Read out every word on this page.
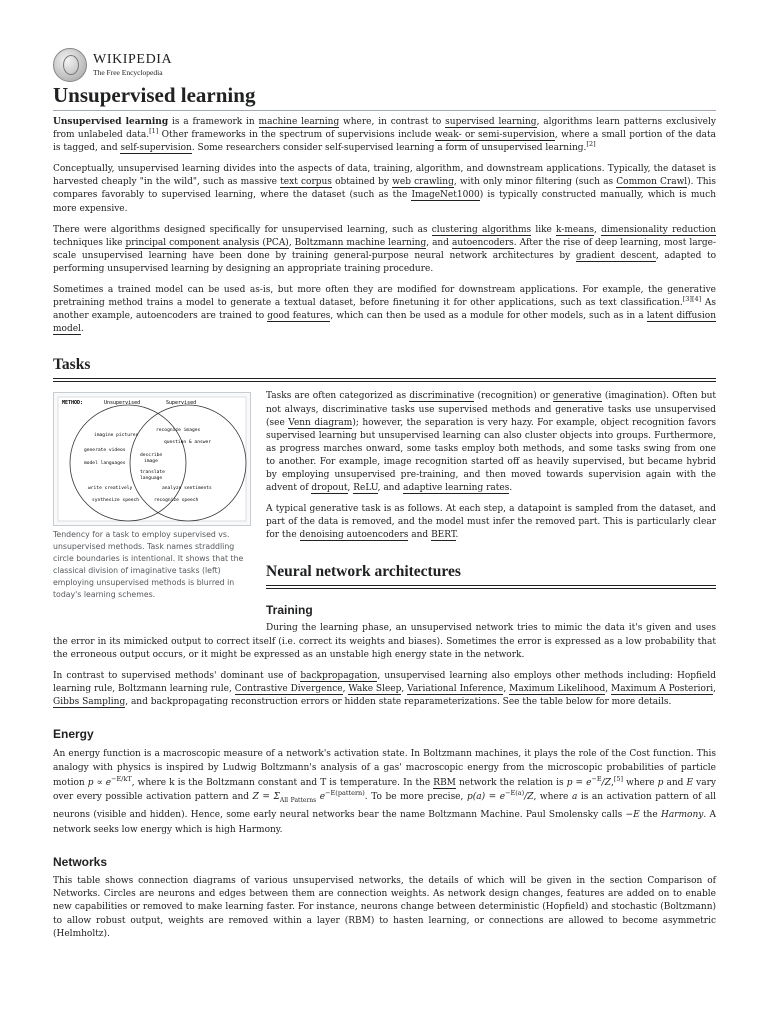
WIKIPEDIA
The Free Encyclopedia
Unsupervised learning

Unsupervised learning is a framework in machine learning where, in contrast to supervised learning, algorithms learn patterns exclusively from unlabeled data.[1] Other frameworks in the spectrum of supervisions include weak- or semi-supervision, where a small portion of the data is tagged, and self-supervision. Some researchers consider self-supervised learning a form of unsupervised learning.[2]

Conceptually, unsupervised learning divides into the aspects of data, training, algorithm, and downstream applications. Typically, the dataset is harvested cheaply "in the wild", such as massive text corpus obtained by web crawling, with only minor filtering (such as Common Crawl). This compares favorably to supervised learning, where the dataset (such as the ImageNet1000) is typically constructed manually, which is much more expensive.

There were algorithms designed specifically for unsupervised learning, such as clustering algorithms like k-means, dimensionality reduction techniques like principal component analysis (PCA), Boltzmann machine learning, and autoencoders. After the rise of deep learning, most large-scale unsupervised learning have been done by training general-purpose neural network architectures by gradient descent, adapted to performing unsupervised learning by designing an appropriate training procedure.

Sometimes a trained model can be used as-is, but more often they are modified for downstream applications. For example, the generative pretraining method trains a model to generate a textual dataset, before finetuning it for other applications, such as text classification.[3][4] As another example, autoencoders are trained to good features, which can then be used as a module for other models, such as in a latent diffusion model.

Tasks
METHOD:	Unsupervised	Supervised
recognize images
imagine pictures
question & answer
generate videos
describe
image
model languages
translate
language
write creatively	analyze sentiments
synthesize speech	recognize speech
Tendency for a task to employ supervised vs. unsupervised methods. Task names straddling circle boundaries is intentional. It shows that the classical division of imaginative tasks (left) employing unsupervised methods is blurred in today's learning schemes.

Tasks are often categorized as discriminative (recognition) or generative (imagination). Often but not always, discriminative tasks use supervised methods and generative tasks use unsupervised (see Venn diagram); however, the separation is very hazy. For example, object recognition favors supervised learning but unsupervised learning can also cluster objects into groups. Furthermore, as progress marches onward, some tasks employ both methods, and some tasks swing from one to another. For example, image recognition started off as heavily supervised, but became hybrid by employing unsupervised pre-training, and then moved towards supervision again with the advent of dropout, ReLU, and adaptive learning rates.

A typical generative task is as follows. At each step, a datapoint is sampled from the dataset, and part of the data is removed, and the model must infer the removed part. This is particularly clear for the denoising autoencoders and BERT.

Neural network architectures
Training

During the learning phase, an unsupervised network tries to mimic the data it's given and uses the error in its mimicked output to correct itself (i.e. correct its weights and biases). Sometimes the error is expressed as a low probability that the erroneous output occurs, or it might be expressed as an unstable high energy state in the network.

In contrast to supervised methods' dominant use of backpropagation, unsupervised learning also employs other methods including: Hopfield learning rule, Boltzmann learning rule, Contrastive Divergence, Wake Sleep, Variational Inference, Maximum Likelihood, Maximum A Posteriori, Gibbs Sampling, and backpropagating reconstruction errors or hidden state reparameterizations. See the table below for more details.

Energy

An energy function is a macroscopic measure of a network's activation state. In Boltzmann machines, it plays the role of the Cost function. This analogy with physics is inspired by Ludwig Boltzmann's analysis of a gas' macroscopic energy from the microscopic probabilities of particle motion $p \propto e^{-E/kT}$, where k is the Boltzmann constant and T is temperature. In the RBM network the relation is $p = e^{-E}/Z,[5]$ where p and E vary over every possible activation pattern and $Z = \Sigma_{All Patterns}$ $e^{-E(pattern)}$. To be more precise, $p(a) = e^{-E(a)}/Z$, where a is an activation pattern of all neurons (visible and hidden). Hence, some early neural networks bear the name Boltzmann Machine. Paul Smolensky calls −E the Harmony. A network seeks low energy which is high Harmony.

Networks

This table shows connection diagrams of various unsupervised networks, the details of which will be given in the section Comparison of Networks. Circles are neurons and edges between them are connection weights. As network design changes, features are added on to enable new capabilities or removed to make learning faster. For instance, neurons change between deterministic (Hopfield) and stochastic (Boltzmann) to allow robust output, weights are removed within a layer (RBM) to hasten learning, or connections are allowed to become asymmetric (Helmholtz).
